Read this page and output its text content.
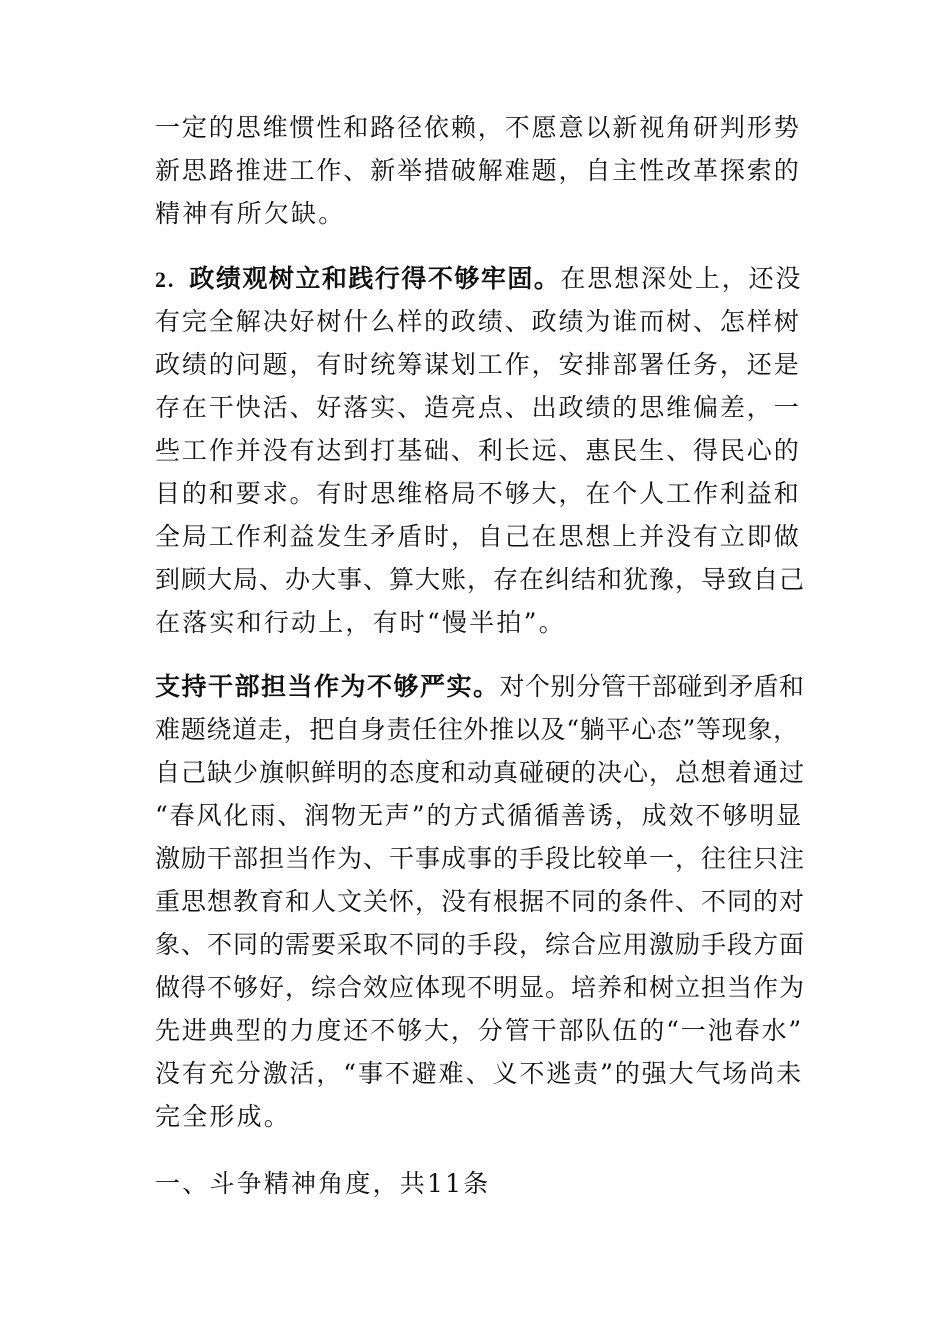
一定的思维惯性和路径依赖，不愿意以新视角研判形势
新思路推进工作、新举措破解难题，自主性改革探索的
精神有所欠缺。
2. 政绩观树立和践行得不够牢固。在思想深处上，还没
有完全解决好树什么样的政绩、政绩为谁而树、怎样树
政绩的问题，有时统筹谋划工作，安排部署任务，还是
存在干快活、好落实、造亮点、出政绩的思维偏差，一
些工作并没有达到打基础、利长远、惠民生、得民心的
目的和要求。有时思维格局不够大，在个人工作利益和
全局工作利益发生矛盾时，自己在思想上并没有立即做
到顾大局、办大事、算大账，存在纠结和犹豫，导致自己
在落实和行动上，有时“慢半拍”。
支持干部担当作为不够严实。对个别分管干部碰到矛盾和
难题绕道走，把自身责任往外推以及“躺平心态”等现象，
自己缺少旗帜鲜明的态度和动真碰硬的决心，总想着通过
“春风化雨、润物无声”的方式循循善诱，成效不够明显
激励干部担当作为、干事成事的手段比较单一，往往只注
重思想教育和人文关怀，没有根据不同的条件、不同的对
象、不同的需要采取不同的手段，综合应用激励手段方面
做得不够好，综合效应体现不明显。培养和树立担当作为
先进典型的力度还不够大，分管干部队伍的“一池春水”
没有充分激活，“事不避难、义不逃责”的强大气场尚未
完全形成。
一、斗争精神角度，共11条
